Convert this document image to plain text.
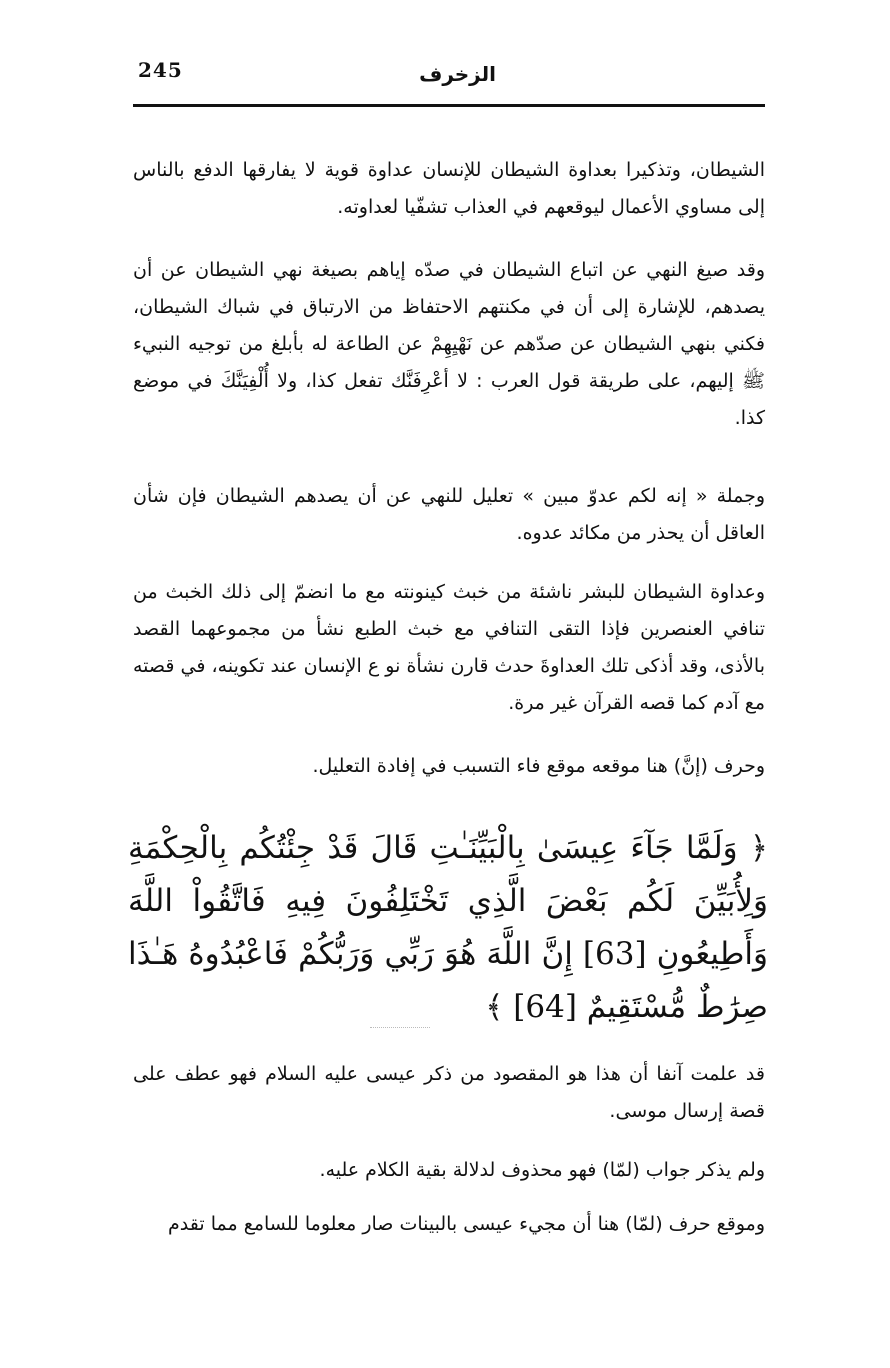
245	الزخرف

الشيطان، وتذكيرا بعداوة الشيطان للإنسان عداوة قوية لا يفارقها الدفع بالناس إلى مساوي الأعمال ليوقعهم في العذاب تشفّيا لعداوته.

وقد صيغ النهي عن اتباع الشيطان في صدّه إياهم بصيغة نهي الشيطان عن أن يصدهم، للإشارة إلى أن في مكنتهم الاحتفاظ من الارتباق في شباك الشيطان، فكني بنهي الشيطان عن صدّهم عن نَهْيِهِمْ عن الطاعة له بأبلغ من توجيه النبيء ﷺ إليهم، على طريقة قول العرب : لا أعْرِفَنَّك تفعل كذا، ولا أُلْفِيَنَّكَ في موضع كذا.

وجملة « إنه لكم عدوّ مبين » تعليل للنهي عن أن يصدهم الشيطان فإن شأن العاقل أن يحذر من مكائد عدوه.

وعداوة الشيطان للبشر ناشئة من خبث كينونته مع ما انضمّ إلى ذلك الخبث من تنافي العنصرين فإذا التقى التنافي مع خبث الطبع نشأ من مجموعهما القصد بالأذى، وقد أذكى تلك العداوةَ حدث قارن نشأة نو ع الإنسان عند تكوينه، في قصته مع آدم كما قصه القرآن غير مرة.

وحرف (إنَّ) هنا موقعه موقع فاء التسبب في إفادة التعليل.

﴿ وَلَمَّا جَآءَ عِيسَىٰ بِالْبَيِّنَـٰتِ قَالَ قَدْ جِئْتُكُم بِالْحِكْمَةِ وَلِأُبَيِّنَ لَكُم بَعْضَ الَّذِي تَخْتَلِفُونَ فِيهِ فَاتَّقُواْ اللَّهَ وَأَطِيعُونِ [63] إِنَّ اللَّهَ هُوَ رَبِّي وَرَبُّكُمْ فَاعْبُدُوهُ هَـٰذَا صِرَٰطٌ مُّسْتَقِيمٌ [64] ﴾

قد علمت آنفا أن هذا هو المقصود من ذكر عيسى عليه السلام فهو عطف على قصة إرسال موسى.

ولم يذكر جواب (لمّا) فهو محذوف لدلالة بقية الكلام عليه.

وموقع حرف (لمّا) هنا أن مجيء عيسى بالبينات صار معلوما للسامع مما تقدم
